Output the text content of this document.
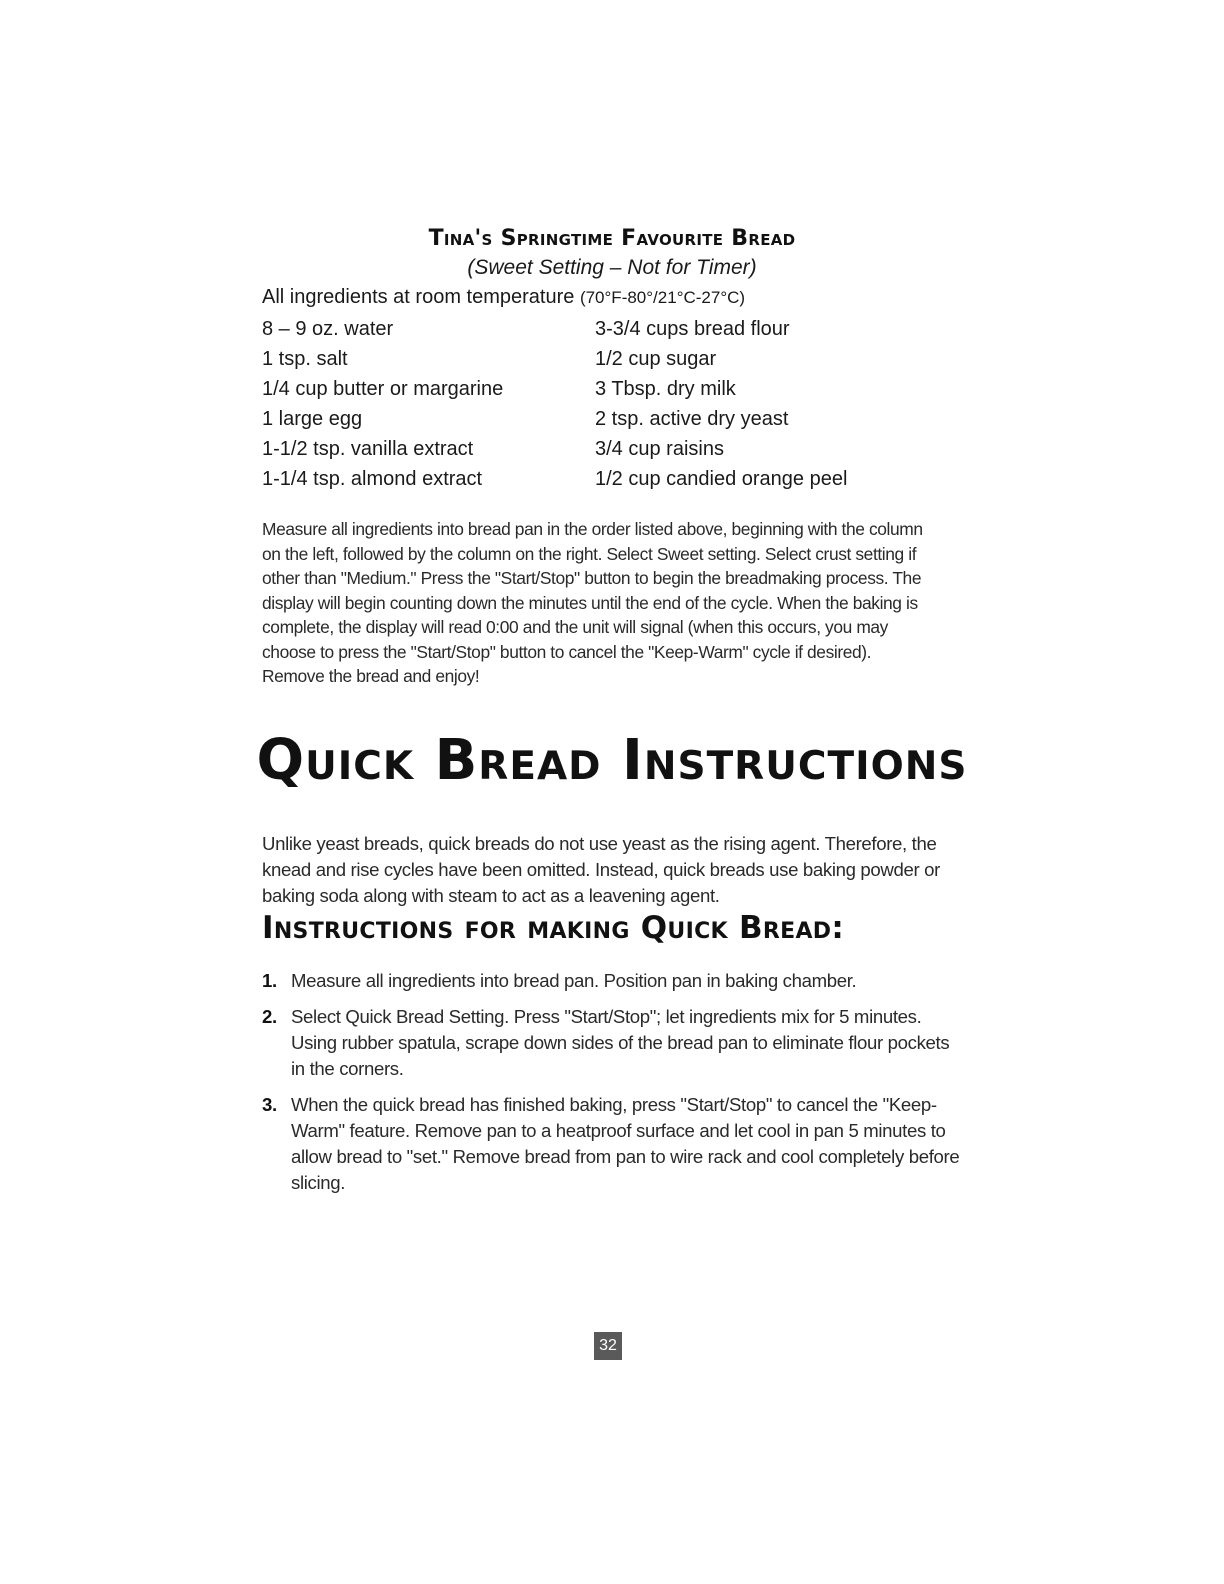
Tina's Springtime Favourite Bread
(Sweet Setting – Not for Timer)
All ingredients at room temperature (70°F-80°/21°C-27°C)
8 – 9 oz. water	3-3/4 cups bread flour
1 tsp. salt	1/2 cup sugar
1/4 cup butter or margarine	3 Tbsp. dry milk
1 large egg	2 tsp. active dry yeast
1-1/2 tsp. vanilla extract	3/4 cup raisins
1-1/4 tsp. almond extract	1/2 cup candied orange peel

Measure all ingredients into bread pan in the order listed above, beginning with the column on the left, followed by the column on the right. Select Sweet setting. Select crust setting if other than "Medium." Press the "Start/Stop" button to begin the breadmaking process. The display will begin counting down the minutes until the end of the cycle. When the baking is complete, the display will read 0:00 and the unit will signal (when this occurs, you may choose to press the "Start/Stop" button to cancel the "Keep-Warm" cycle if desired). Remove the bread and enjoy!

Quick Bread Instructions

Unlike yeast breads, quick breads do not use yeast as the rising agent. Therefore, the knead and rise cycles have been omitted. Instead, quick breads use baking powder or baking soda along with steam to act as a leavening agent.

Instructions for making Quick Bread:
1. Measure all ingredients into bread pan. Position pan in baking chamber.
2. Select Quick Bread Setting. Press "Start/Stop"; let ingredients mix for 5 minutes. Using rubber spatula, scrape down sides of the bread pan to eliminate flour pockets in the corners.
3. When the quick bread has finished baking, press "Start/Stop" to cancel the "Keep-Warm" feature. Remove pan to a heatproof surface and let cool in pan 5 minutes to allow bread to "set." Remove bread from pan to wire rack and cool completely before slicing.
32
